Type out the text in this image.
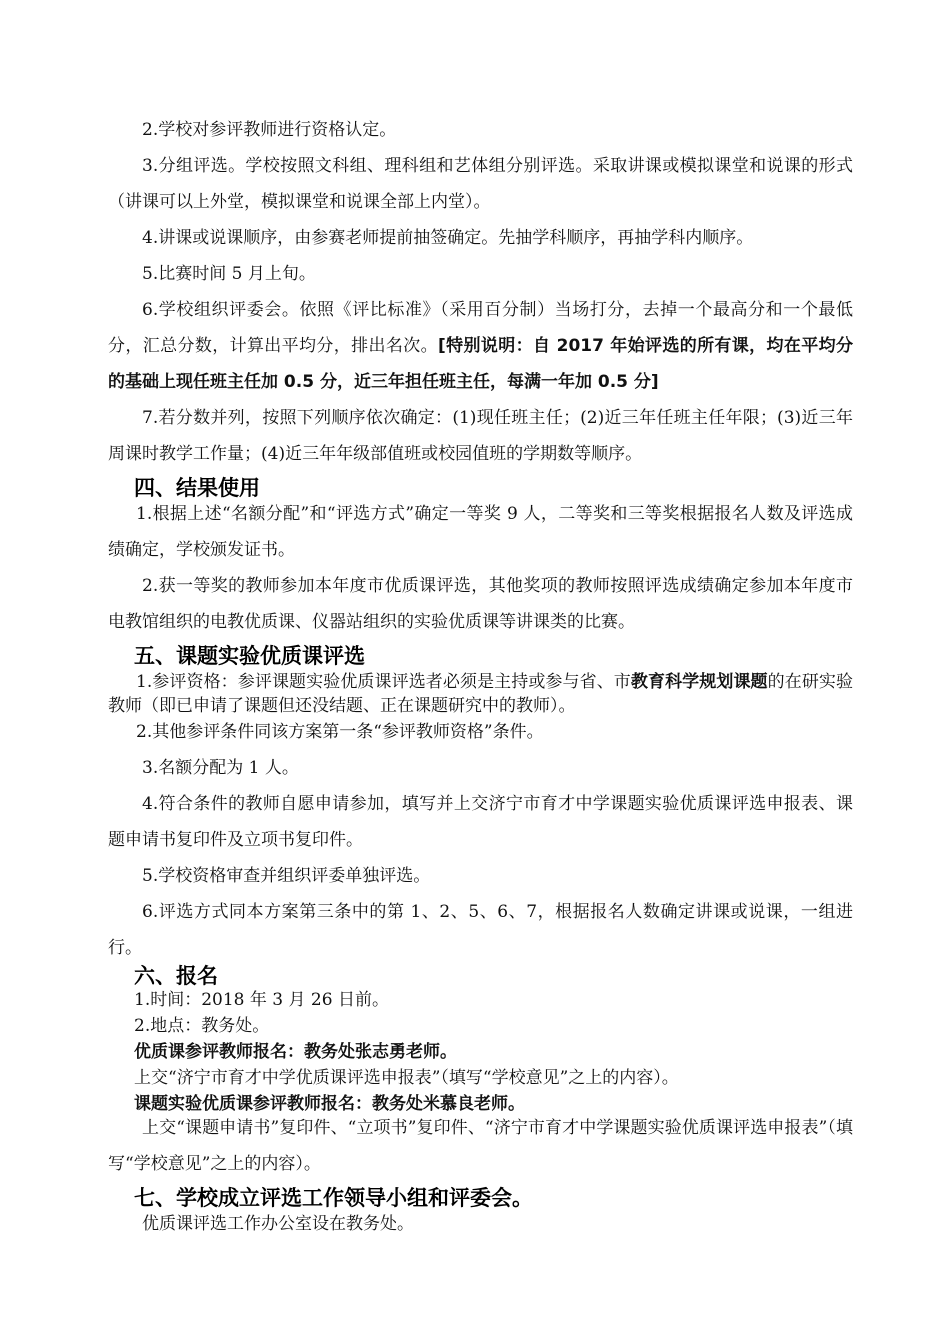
2.学校对参评教师进行资格认定。

3.分组评选。学校按照文科组、理科组和艺体组分别评选。采取讲课或模拟课堂和说课的形式（讲课可以上外堂，模拟课堂和说课全部上内堂）。

4.讲课或说课顺序，由参赛老师提前抽签确定。先抽学科顺序，再抽学科内顺序。

5.比赛时间 5 月上旬。

6.学校组织评委会。依照《评比标准》（采用百分制）当场打分，去掉一个最高分和一个最低分，汇总分数，计算出平均分，排出名次。[特别说明：自 2017 年始评选的所有课，均在平均分的基础上现任班主任加 0.5 分，近三年担任班主任，每满一年加 0.5 分]

7.若分数并列，按照下列顺序依次确定：(1)现任班主任；(2)近三年任班主任年限；(3)近三年周课时教学工作量；(4)近三年年级部值班或校园值班的学期数等顺序。

四、结果使用

1.根据上述“名额分配”和“评选方式”确定一等奖 9 人，二等奖和三等奖根据报名人数及评选成绩确定，学校颁发证书。

2.获一等奖的教师参加本年度市优质课评选，其他奖项的教师按照评选成绩确定参加本年度市电教馆组织的电教优质课、仪器站组织的实验优质课等讲课类的比赛。

五、课题实验优质课评选

1.参评资格：参评课题实验优质课评选者必须是主持或参与省、市教育科学规划课题的在研实验教师（即已申请了课题但还没结题、正在课题研究中的教师）。

2.其他参评条件同该方案第一条“参评教师资格”条件。

3.名额分配为 1 人。

4.符合条件的教师自愿申请参加，填写并上交济宁市育才中学课题实验优质课评选申报表、课题申请书复印件及立项书复印件。

5.学校资格审查并组织评委单独评选。

6.评选方式同本方案第三条中的第 1、2、5、6、7，根据报名人数确定讲课或说课，一组进行。

六、报名

1.时间：2018 年 3 月 26 日前。

2.地点：教务处。

优质课参评教师报名：教务处张志勇老师。

上交“济宁市育才中学优质课评选申报表”（填写“学校意见”之上的内容）。

课题实验优质课参评教师报名：教务处米慕良老师。

上交“课题申请书”复印件、“立项书”复印件、“济宁市育才中学课题实验优质课评选申报表”（填写“学校意见”之上的内容）。

七、学校成立评选工作领导小组和评委会。

优质课评选工作办公室设在教务处。
